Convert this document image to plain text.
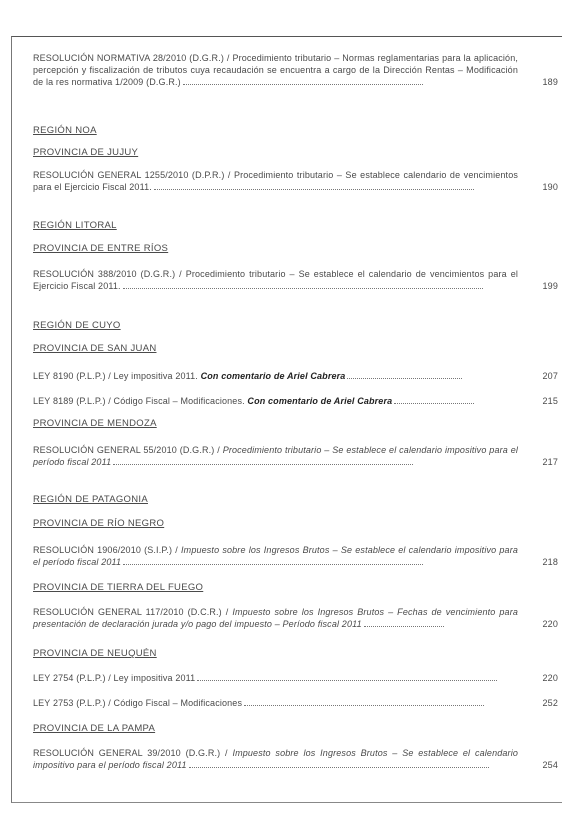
RESOLUCIÓN NORMATIVA 28/2010 (D.G.R.) / Procedimiento tributario – Normas reglamentarias para la aplicación, percepción y fiscalización de tributos cuya recaudación se encuentra a cargo de la Dirección Rentas – Modificación de la res normativa 1/2009 (D.G.R.)	189
REGIÓN NOA
PROVINCIA DE JUJUY
RESOLUCIÓN GENERAL 1255/2010 (D.P.R.) / Procedimiento tributario – Se establece calendario de vencimientos para el Ejercicio Fiscal 2011.	190
REGIÓN LITORAL
PROVINCIA DE ENTRE RÍOS
RESOLUCIÓN 388/2010 (D.G.R.) / Procedimiento tributario – Se establece el calendario de vencimientos para el Ejercicio Fiscal 2011.	199
REGIÓN DE CUYO
PROVINCIA DE SAN JUAN
LEY 8190 (P.L.P.) / Ley impositiva 2011. Con comentario de Ariel Cabrera	207
LEY 8189 (P.L.P.) / Código Fiscal – Modificaciones. Con comentario de Ariel Cabrera	215
PROVINCIA DE MENDOZA
RESOLUCIÓN GENERAL 55/2010 (D.G.R.) / Procedimiento tributario – Se establece el calendario impositivo para el período fiscal 2011	217
REGIÓN DE PATAGONIA
PROVINCIA DE RÍO NEGRO
RESOLUCIÓN 1906/2010 (S.I.P.) / Impuesto sobre los Ingresos Brutos – Se establece el calendario impositivo para el período fiscal 2011	218
PROVINCIA DE TIERRA DEL FUEGO
RESOLUCIÓN GENERAL 117/2010 (D.C.R.) / Impuesto sobre los Ingresos Brutos – Fechas de vencimiento para presentación de declaración jurada y/o pago del impuesto – Período fiscal 2011	220
PROVINCIA DE NEUQUÉN
LEY 2754 (P.L.P.) / Ley impositiva 2011	220
LEY 2753 (P.L.P.) / Código Fiscal – Modificaciones	252
PROVINCIA DE LA PAMPA
RESOLUCIÓN GENERAL 39/2010 (D.G.R.) / Impuesto sobre los Ingresos Brutos – Se establece el calendario impositivo para el período fiscal 2011	254
